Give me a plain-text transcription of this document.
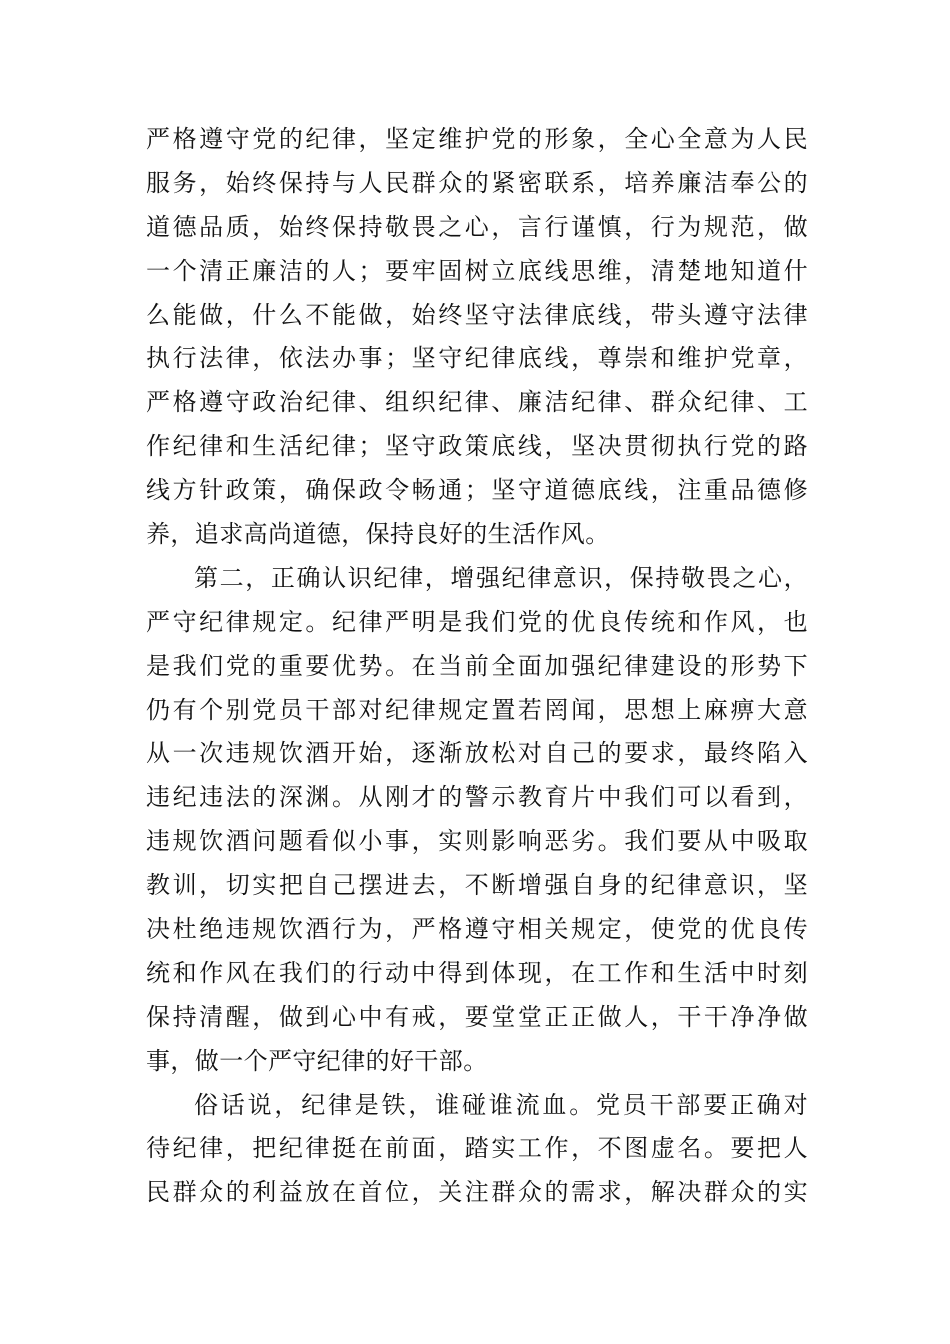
严格遵守党的纪律，坚定维护党的形象，全心全意为人民
服务，始终保持与人民群众的紧密联系，培养廉洁奉公的
道德品质，始终保持敬畏之心，言行谨慎，行为规范，做
一个清正廉洁的人；要牢固树立底线思维，清楚地知道什
么能做，什么不能做，始终坚守法律底线，带头遵守法律
执行法律，依法办事；坚守纪律底线，尊崇和维护党章，
严格遵守政治纪律、组织纪律、廉洁纪律、群众纪律、工
作纪律和生活纪律；坚守政策底线，坚决贯彻执行党的路
线方针政策，确保政令畅通；坚守道德底线，注重品德修
养，追求高尚道德，保持良好的生活作风。
第二，正确认识纪律，增强纪律意识，保持敬畏之心，
严守纪律规定。纪律严明是我们党的优良传统和作风，也
是我们党的重要优势。在当前全面加强纪律建设的形势下
仍有个别党员干部对纪律规定置若罔闻，思想上麻痹大意
从一次违规饮酒开始，逐渐放松对自己的要求，最终陷入
违纪违法的深渊。从刚才的警示教育片中我们可以看到，
违规饮酒问题看似小事，实则影响恶劣。我们要从中吸取
教训，切实把自己摆进去，不断增强自身的纪律意识，坚
决杜绝违规饮酒行为，严格遵守相关规定，使党的优良传
统和作风在我们的行动中得到体现，在工作和生活中时刻
保持清醒，做到心中有戒，要堂堂正正做人，干干净净做
事，做一个严守纪律的好干部。
俗话说，纪律是铁，谁碰谁流血。党员干部要正确对
待纪律，把纪律挺在前面，踏实工作，不图虚名。要把人
民群众的利益放在首位，关注群众的需求，解决群众的实
